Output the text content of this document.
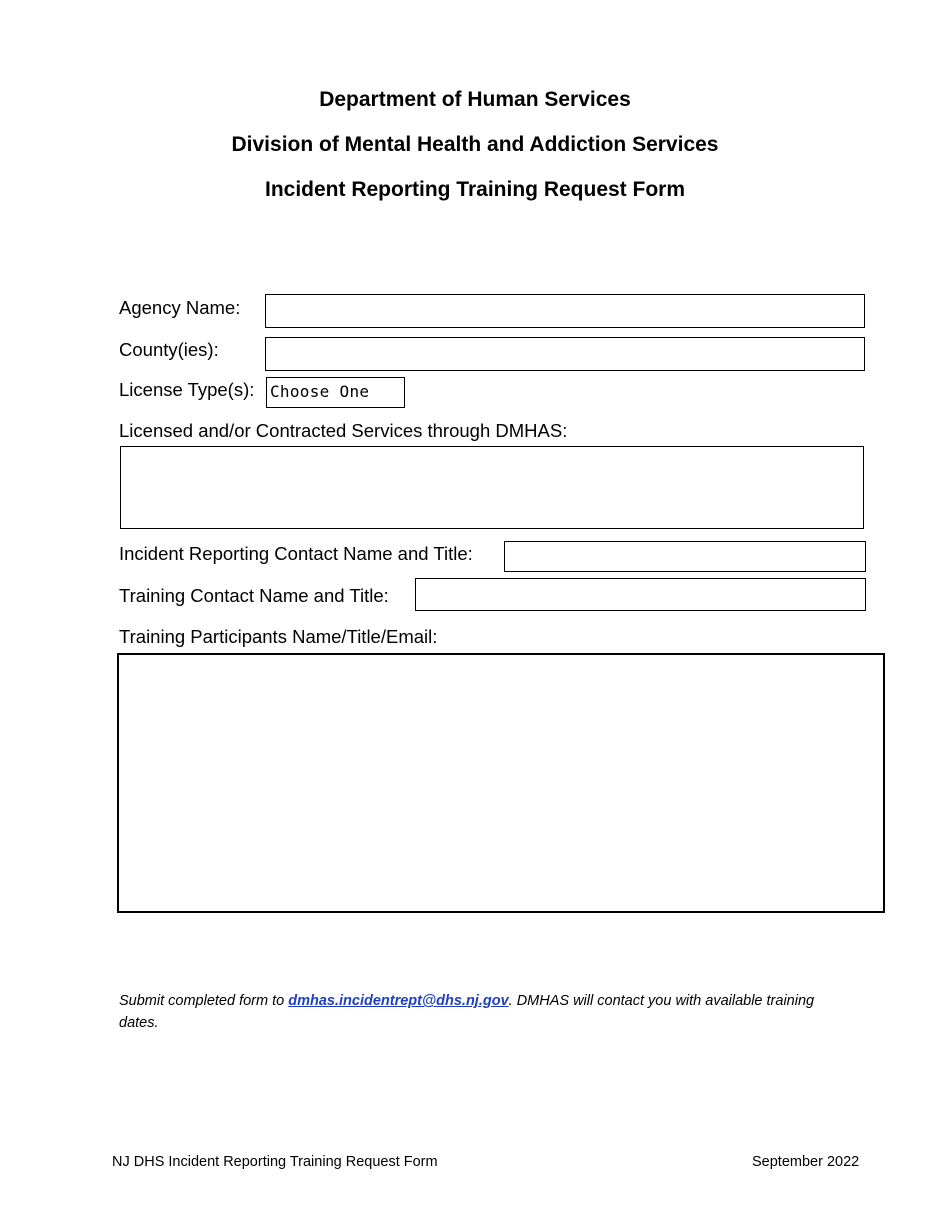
Department of Human Services
Division of Mental Health and Addiction Services
Incident Reporting Training Request Form
Agency Name:
County(ies):
License Type(s): Choose One
Licensed and/or Contracted Services through DMHAS:
Incident Reporting Contact Name and Title:
Training Contact Name and Title:
Training Participants Name/Title/Email:
Submit completed form to dmhas.incidentrept@dhs.nj.gov. DMHAS will contact you with available training dates.
NJ DHS Incident Reporting Training Request Form	September 2022
